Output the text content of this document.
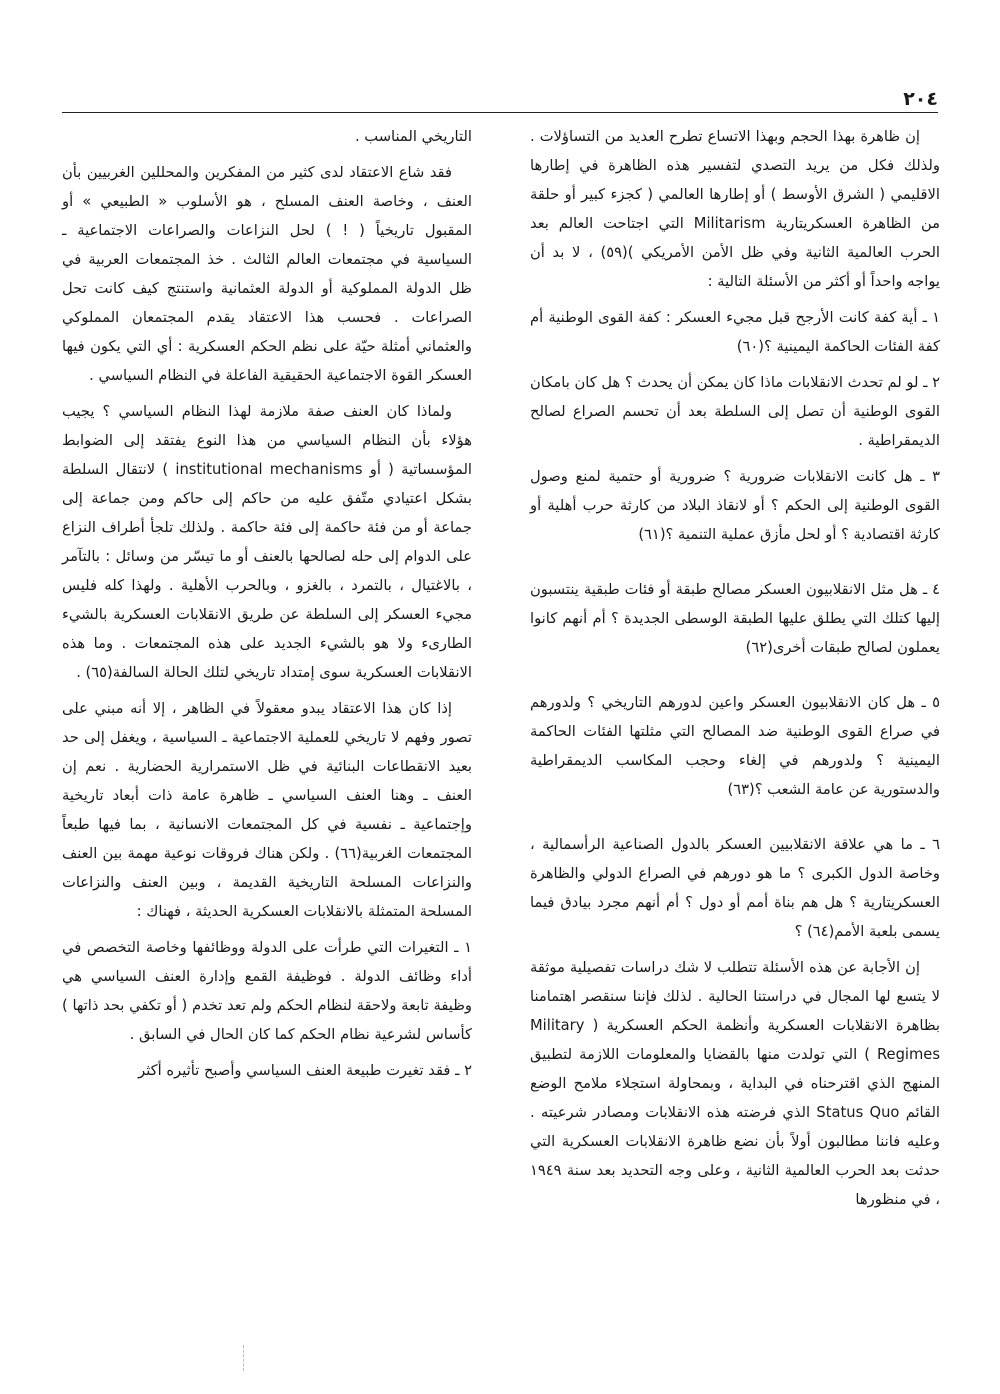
٢٠٤

إن ظاهرة بهذا الحجم وبهذا الاتساع تطرح العديد من التساؤلات . ولذلك فكل من يريد التصدي لتفسير هذه الظاهرة في إطارها الاقليمي ( الشرق الأوسط ) أو إطارها العالمي ( كجزء كبير أو حلقة من الظاهرة العسكريتارية Militarism التي اجتاحت العالم بعد الحرب العالمية الثانية وفي ظل الأمن الأمريكي )(٥٩) ، لا بد أن يواجه واحداً أو أكثر من الأسئلة التالية :

١ ـ أية كفة كانت الأرجح قبل مجيء العسكر : كفة القوى الوطنية أم كفة الفئات الحاكمة اليمينية ؟(٦٠)

٢ ـ لو لم تحدث الانقلابات ماذا كان يمكن أن يحدث ؟ هل كان بامكان القوى الوطنية أن تصل إلى السلطة بعد أن تحسم الصراع لصالح الديمقراطية .

٣ ـ هل كانت الانقلابات ضرورية ؟ ضرورية أو حتمية لمنع وصول القوى الوطنية إلى الحكم ؟ أو لانقاذ البلاد من كارثة حرب أهلية أو كارثة اقتصادية ؟ أو لحل مأزق عملية التنمية ؟(٦١)

٤ ـ هل مثل الانقلابيون العسكر مصالح طبقة أو فئات طبقية ينتسبون إليها كتلك التي يطلق عليها الطبقة الوسطى الجديدة ؟ أم أنهم كانوا يعملون لصالح طبقات أخرى(٦٢)

٥ ـ هل كان الانقلابيون العسكر واعين لدورهم التاريخي ؟ ولدورهم في صراع القوى الوطنية ضد المصالح التي مثلتها الفئات الحاكمة اليمينية ؟ ولدورهم في إلغاء وحجب المكاسب الديمقراطية والدستورية عن عامة الشعب ؟(٦٣)

٦ ـ ما هي علاقة الانقلابيين العسكر بالدول الصناعية الرأسمالية ، وخاصة الدول الكبرى ؟ ما هو دورهم في الصراع الدولي والظاهرة العسكريتارية ؟ هل هم بناة أمم أو دول ؟ أم أنهم مجرد بيادق فيما يسمى بلعبة الأمم(٦٤) ؟

إن الأجابة عن هذه الأسئلة تتطلب لا شك دراسات تفصيلية موثقة لا يتسع لها المجال في دراستنا الحالية . لذلك فإننا سنقصر اهتمامنا بظاهرة الانقلابات العسكرية وأنظمة الحكم العسكرية ( Military Regimes ) التي تولدت منها بالقضايا والمعلومات اللازمة لتطبيق المنهج الذي اقترحناه في البداية ، وبمحاولة استجلاء ملامح الوضع القائم Status Quo الذي فرضته هذه الانقلابات ومصادر شرعيته . وعليه فاننا مطالبون أولاً بأن نضع ظاهرة الانقلابات العسكرية التي حدثت بعد الحرب العالمية الثانية ، وعلى وجه التحديد بعد سنة ١٩٤٩ ، في منظورها

التاريخي المناسب .

فقد شاع الاعتقاد لدى كثير من المفكرين والمحللين الغربيين بأن العنف ، وخاصة العنف المسلح ، هو الأسلوب « الطبيعي » أو المقبول تاريخياً ( ! ) لحل النزاعات والصراعات الاجتماعية ـ السياسية في مجتمعات العالم الثالث . خذ المجتمعات العربية في ظل الدولة المملوكية أو الدولة العثمانية واستنتج كيف كانت تحل الصراعات . فحسب هذا الاعتقاد يقدم المجتمعان المملوكي والعثماني أمثلة حيّة على نظم الحكم العسكرية : أي التي يكون فيها العسكر القوة الاجتماعية الحقيقية الفاعلة في النظام السياسي .

ولماذا كان العنف صفة ملازمة لهذا النظام السياسي ؟ يجيب هؤلاء بأن النظام السياسي من هذا النوع يفتقد إلى الضوابط المؤسساتية ( أو institutional mechanisms ) لانتقال السلطة بشكل اعتيادي متّفق عليه من حاكم إلى حاكم ومن جماعة إلى جماعة أو من فئة حاكمة إلى فئة حاكمة . ولذلك تلجأ أطراف النزاع على الدوام إلى حله لصالحها بالعنف أو ما تيسّر من وسائل : بالتآمر ، بالاغتيال ، بالتمرد ، بالغزو ، وبالحرب الأهلية . ولهذا كله فليس مجيء العسكر إلى السلطة عن طريق الانقلابات العسكرية بالشيء الطارىء ولا هو بالشيء الجديد على هذه المجتمعات . وما هذه الانقلابات العسكرية سوى إمتداد تاريخي لتلك الحالة السالفة(٦٥) .

إذا كان هذا الاعتقاد يبدو معقولاً في الظاهر ، إلا أنه مبني على تصور وفهم لا تاريخي للعملية الاجتماعية ـ السياسية ، ويغفل إلى حد بعيد الانقطاعات البنائية في ظل الاستمرارية الحضارية . نعم إن العنف ـ وهنا العنف السياسي ـ ظاهرة عامة ذات أبعاد تاريخية وإجتماعية ـ نفسية في كل المجتمعات الانسانية ، بما فيها طبعاً المجتمعات الغربية(٦٦) . ولكن هناك فروقات نوعية مهمة بين العنف والنزاعات المسلحة التاريخية القديمة ، وبين العنف والنزاعات المسلحة المتمثلة بالانقلابات العسكرية الحديثة ، فهناك :

١ ـ التغيرات التي طرأت على الدولة ووظائفها وخاصة التخصص في أداء وظائف الدولة . فوظيفة القمع وإدارة العنف السياسي هي وظيفة تابعة ولاحقة لنظام الحكم ولم تعد تخدم ( أو تكفي بحد ذاتها ) كأساس لشرعية نظام الحكم كما كان الحال في السابق .

٢ ـ فقد تغيرت طبيعة العنف السياسي وأصبح تأثيره أكثر
